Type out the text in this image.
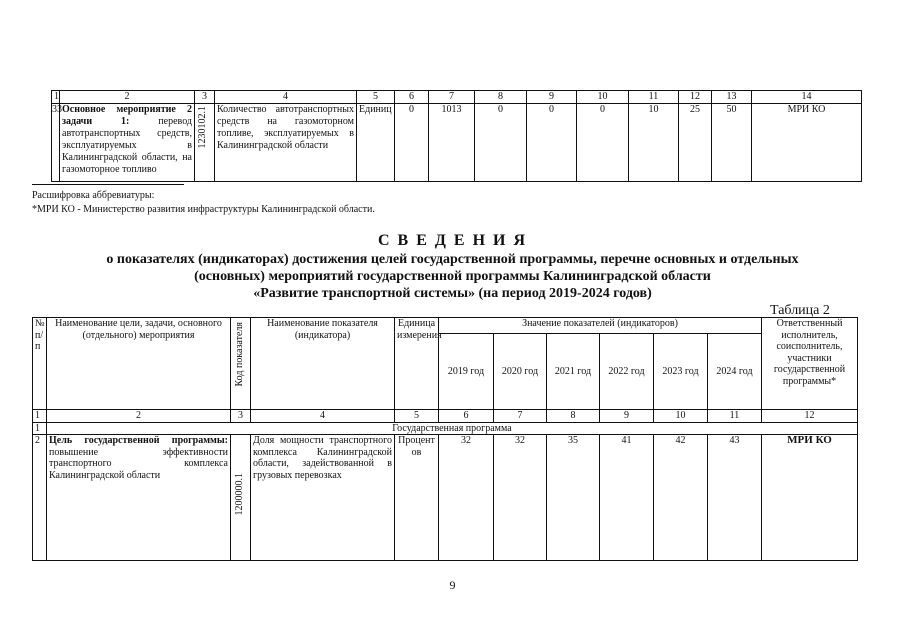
1	2	3	4	5	6	7	8	9	10	11	12	13	14
33	Основное мероприятие 2 задачи 1: перевод автотранспортных средств, эксплуатируемых в Калининградской области, на газомоторное топливо	1230102.1	Количество автотранспортных средств на газомоторном топливе, эксплуатируемых в Калининградской области	Единиц	0	1013	0	0	0	10	25	50	МРИ КО
Расшифровка аббревиатуры:
*МРИ КО - Министерство развития инфраструктуры Калининградской области.
С В Е Д Е Н И Я
о показателях (индикаторах) достижения целей государственной программы, перечне основных и отдельных
(основных) мероприятий государственной программы Калининградской области
«Развитие транспортной системы» (на период 2019-2024 годов)
Таблица 2
№ п/п	Наименование цели, задачи, основного (отдельного) мероприятия	Код показателя	Наименование показателя (индикатора)	Единица измерения	Значение показателей (индикаторов)						Ответственный исполнитель, соисполнитель, участники государственной программы*
					2019 год	2020 год	2021 год	2022 год	2023 год	2024 год	
1	2	3	4	5	6	7	8	9	10	11	12
1	Государственная программа										
2	Цель государственной программы: повышение эффективности транспортного комплекса Калининградской области	1200000.1	Доля мощности транспортного комплекса Калининградской области, задействованной в грузовых перевозках	Процентов	32	32	35	41	42	43	МРИ КО
9
